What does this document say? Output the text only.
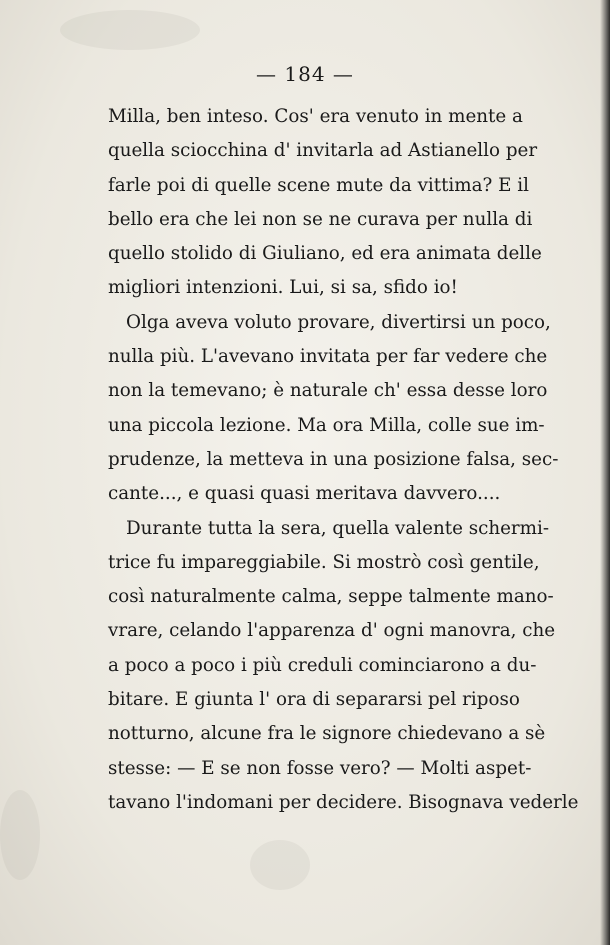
— 184 —
Milla, ben inteso. Cos' era venuto in mente a
quella sciocchina d' invitarla ad Astianello per
farle poi di quelle scene mute da vittima? E il
bello era che lei non se ne curava per nulla di
quello stolido di Giuliano, ed era animata delle
migliori intenzioni. Lui, si sa, sfido io!
Olga aveva voluto provare, divertirsi un poco,
nulla più. L'avevano invitata per far vedere che
non la temevano; è naturale ch' essa desse loro
una piccola lezione. Ma ora Milla, colle sue im-
prudenze, la metteva in una posizione falsa, sec-
cante..., e quasi quasi meritava davvero....
Durante tutta la sera, quella valente schermi-
trice fu impareggiabile. Si mostrò così gentile,
così naturalmente calma, seppe talmente mano-
vrare, celando l'apparenza d' ogni manovra, che
a poco a poco i più creduli cominciarono a du-
bitare. E giunta l' ora di separarsi pel riposo
notturno, alcune fra le signore chiedevano a sè
stesse: — E se non fosse vero? — Molti aspet-
tavano l'indomani per decidere. Bisognava vederle
